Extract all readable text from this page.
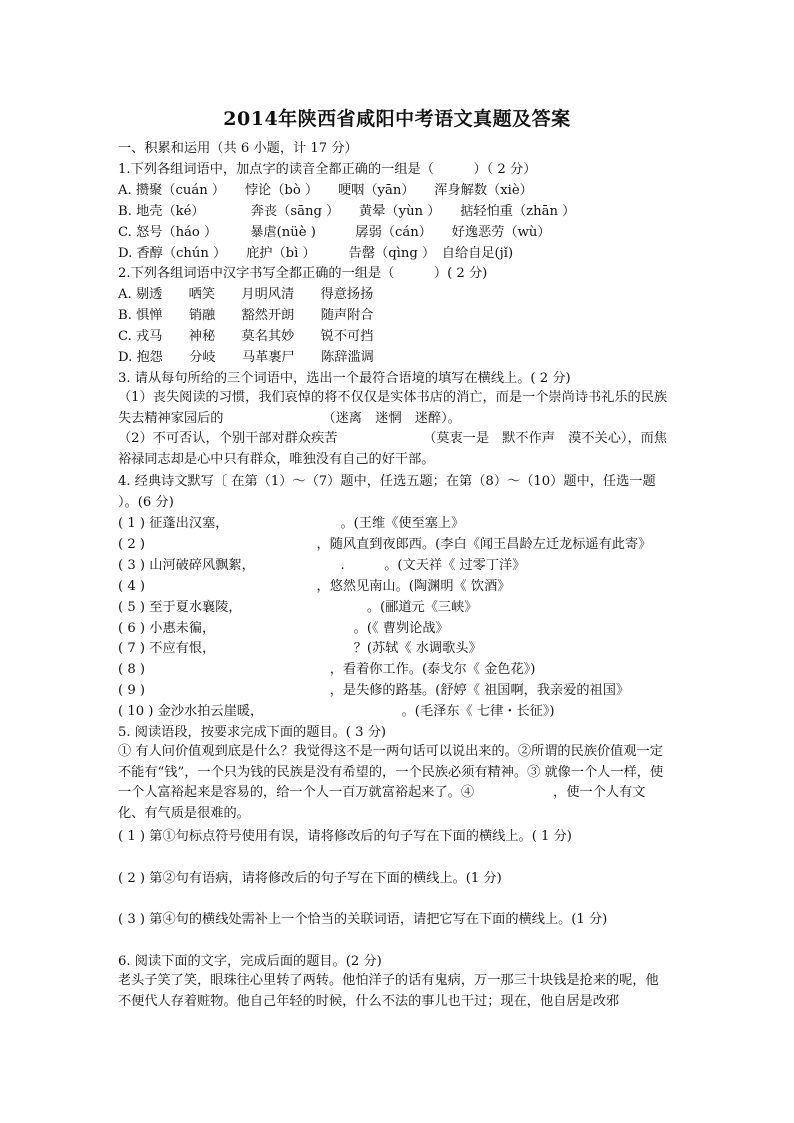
2014年陕西省咸阳中考语文真题及答案
一、积累和运用（共 6 小题，计 17 分）
1.下列各组词语中，加点字的读音全都正确的一组是（　　　）（ 2 分）
A. 攒聚（cuán ）　　悖论（bò ）　　哽咽（yān）　　浑身解数（xiè）
B. 地壳（ké）　　　　奔丧（sāng ）　　黄晕（yùn ）　　掂轻怕重（zhān ）
C. 怒号（háo ）　　　暴虐(nüè )　　　孱弱（cán）　　好逸恶劳（wù）
D. 香醇（chún ）　　庇护（bì ）　　　告罄（qìng ）　自给自足(jǐ)
2.下列各组词语中汉字书写全都正确的一组是（　　　）( 2 分)
A. 剔透　　哂笑　　月明风清　　得意扬扬
B. 惧惮　　销融　　豁然开朗　　随声附合
C. 戎马　　神秘　　莫名其妙　　锐不可挡
D. 抱怨　　分岐　　马革裹尸　　陈辞滥调
3. 请从每句所给的三个词语中，选出一个最符合语境的填写在横线上。( 2 分)

（1）丧失阅读的习惯，我们哀悼的将不仅仅是实体书店的消亡，而是一个崇尚诗书礼乐的民族失去精神家园后的　　　　　　　　（迷离　迷惘　迷醉）。

（2）不可否认，个别干部对群众疾苦　　　　　　　（莫衷一是　默不作声　漠不关心），而焦裕禄同志却是心中只有群众，唯独没有自己的好干部。

4. 经典诗文默写〔 在第（1）～（7）题中，任选五题；在第（8）～（10）题中，任选一题 ）。(6 分)
( 1 ) 征蓬出汉塞，　　　　　　　　　。(王维《使至塞上》
( 2 )　　　　　　　　　　　　　，随风直到夜郎西。(李白《闻王昌龄左迁龙标遥有此寄》
( 3 ) 山河破碎风飘絮，　　　　　　　.　　　。(文天祥《 过零丁洋》
( 4 )　　　　　　　　　　　　　，悠然见南山。(陶渊明《 饮酒》
( 5 ) 至于夏水襄陵，　　　　　　　　　　。(郦道元《三峡》
( 6 ) 小惠未徧，　　　　　　　　　　　。(《 曹刿论战》
( 7 ) 不应有恨，　　　　　　　　　　　？(苏轼《 水调歌头》
( 8 )　　　　　　　　　　　　　　，看着你工作。(泰戈尔《 金色花》)
( 9 )　　　　　　　　　　　　　　，是失修的路基。(舒婷《 祖国啊，我亲爱的祖国》
( 10 ) 金沙水拍云崖暖，　　　　　　　　　　　。(毛泽东《 七律・长征》)
5. 阅读语段，按要求完成下面的题目。( 3 分)
① 有人问价值观到底是什么？我觉得这不是一两句话可以说出来的。②所谓的民族价值观一定不能有“钱”，一个只为钱的民族是没有希望的，一个民族必须有精神。③ 就像一个人一样，使一个人富裕起来是容易的，给一个人一百万就富裕起来了。④　　　　　　，使一个人有文化、有气质是很难的。
( 1 ) 第①句标点符号使用有误，请将修改后的句子写在下面的横线上。( 1 分)
( 2 ) 第②句有语病，请将修改后的句子写在下面的横线上。(1 分)
( 3 ) 第④句的横线处需补上一个恰当的关联词语，请把它写在下面的横线上。(1 分)
6. 阅读下面的文字，完成后面的题目。(2 分)
老头子笑了笑，眼珠往心里转了两转。他怕洋子的话有鬼病，万一那三十块钱是抢来的呢，他不便代人存着赃物。他自己年轻的时候，什么不法的事儿也干过；现在，他自居是改邪
